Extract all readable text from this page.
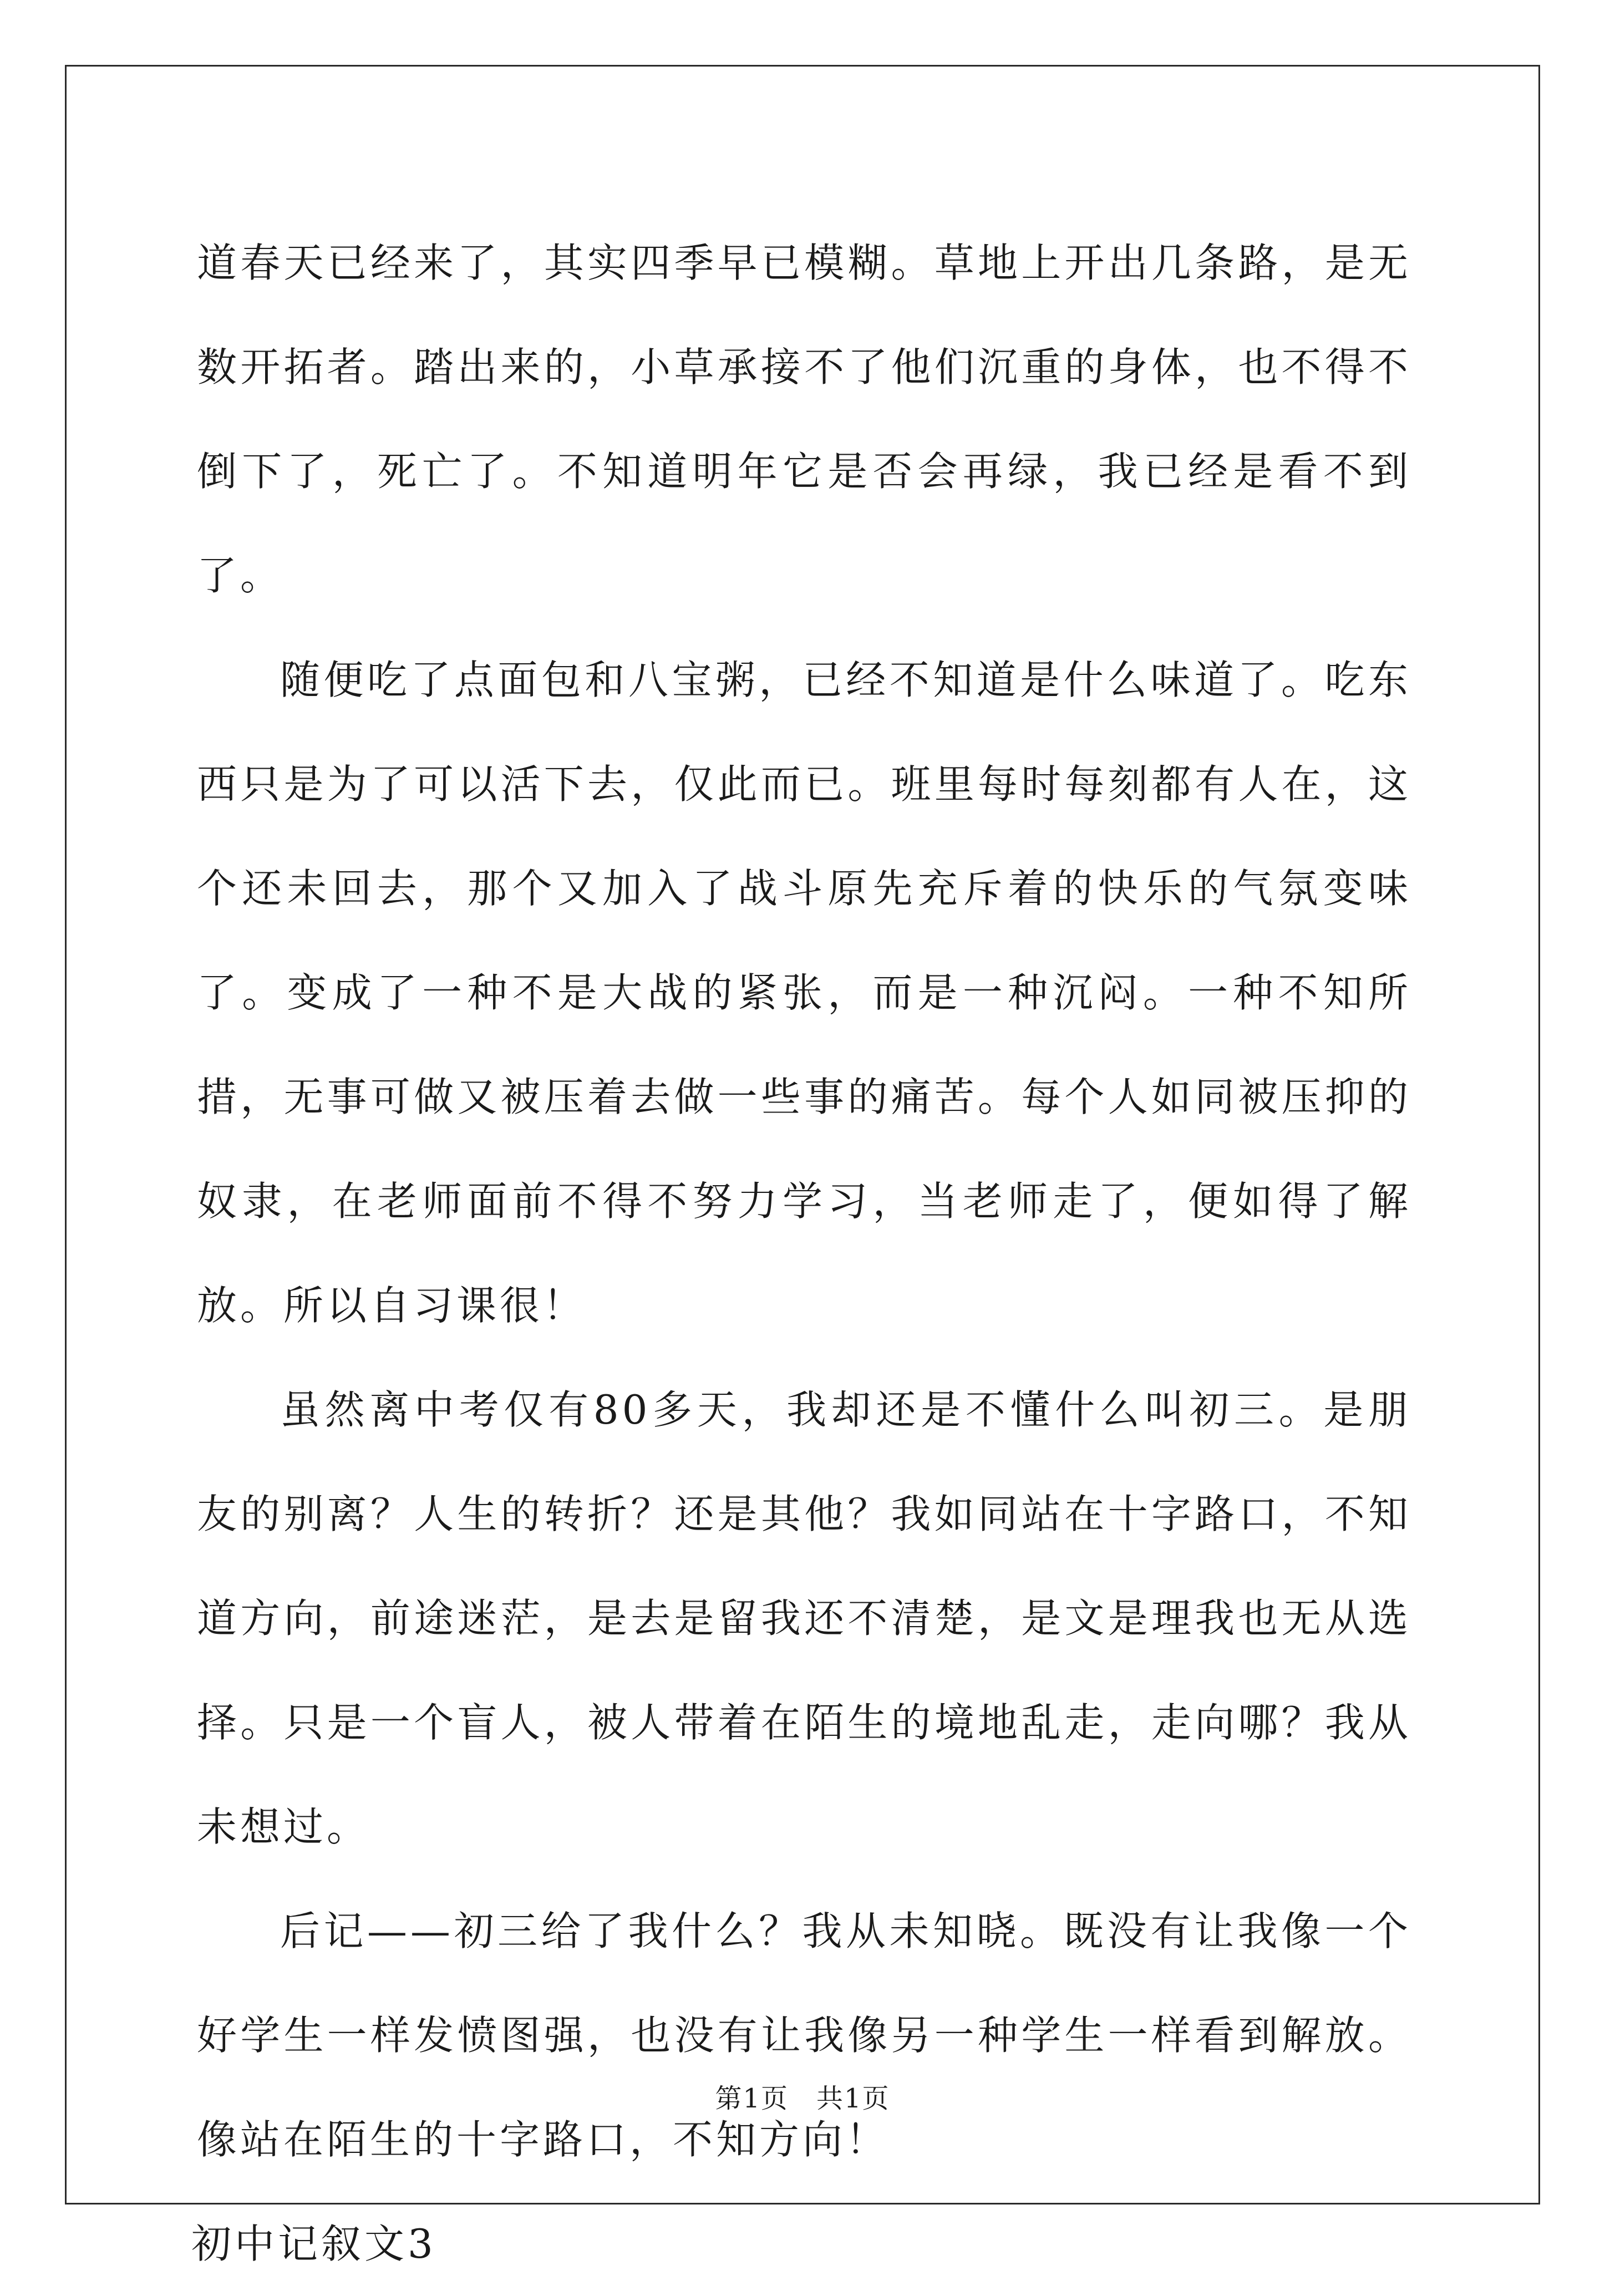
道春天已经来了，其实四季早已模糊。草地上开出几条路，是无数开拓者。踏出来的，小草承接不了他们沉重的身体，也不得不倒下了，死亡了。不知道明年它是否会再绿，我已经是看不到了。

随便吃了点面包和八宝粥，已经不知道是什么味道了。吃东西只是为了可以活下去，仅此而已。班里每时每刻都有人在，这个还未回去，那个又加入了战斗原先充斥着的快乐的气氛变味了。变成了一种不是大战的紧张，而是一种沉闷。一种不知所措，无事可做又被压着去做一些事的痛苦。每个人如同被压抑的奴隶，在老师面前不得不努力学习，当老师走了，便如得了解放。所以自习课很！

虽然离中考仅有80多天，我却还是不懂什么叫初三。是朋友的别离？人生的转折？还是其他？我如同站在十字路口，不知道方向，前途迷茫，是去是留我还不清楚，是文是理我也无从选择。只是一个盲人，被人带着在陌生的境地乱走，走向哪？我从未想过。

后记——初三给了我什么？我从未知晓。既没有让我像一个好学生一样发愤图强，也没有让我像另一种学生一样看到解放。像站在陌生的十字路口，不知方向！

初中记叙文3

第1页　共1页
